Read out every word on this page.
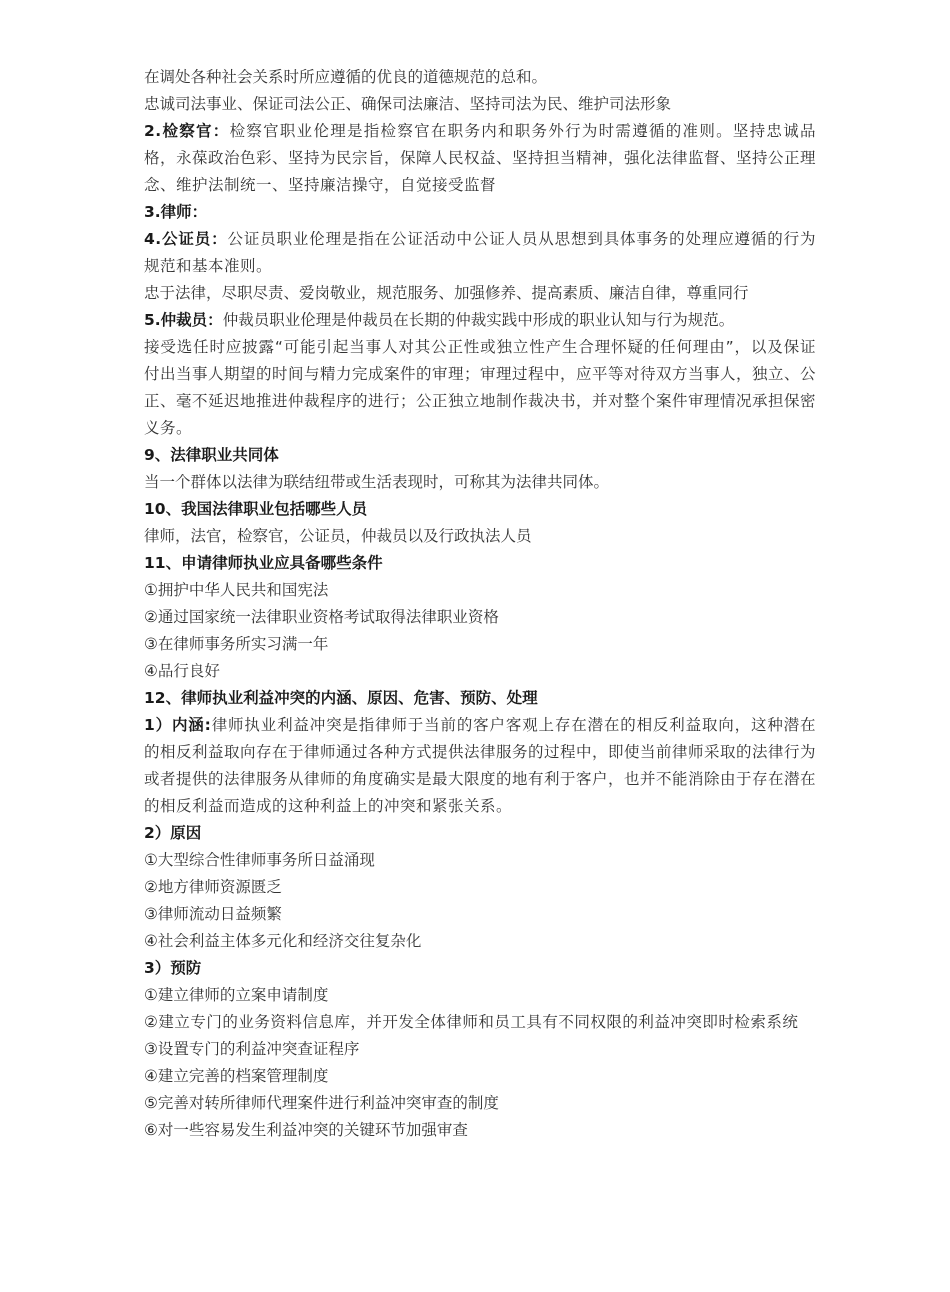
在调处各种社会关系时所应遵循的优良的道德规范的总和。

忠诚司法事业、保证司法公正、确保司法廉洁、坚持司法为民、维护司法形象

2.检察官：检察官职业伦理是指检察官在职务内和职务外行为时需遵循的准则。坚持忠诚品格，永葆政治色彩、坚持为民宗旨，保障人民权益、坚持担当精神，强化法律监督、坚持公正理念、维护法制统一、坚持廉洁操守，自觉接受监督

3.律师：

4.公证员：公证员职业伦理是指在公证活动中公证人员从思想到具体事务的处理应遵循的行为规范和基本准则。

忠于法律，尽职尽责、爱岗敬业，规范服务、加强修养、提高素质、廉洁自律，尊重同行

5.仲裁员：仲裁员职业伦理是仲裁员在长期的仲裁实践中形成的职业认知与行为规范。

接受选任时应披露“可能引起当事人对其公正性或独立性产生合理怀疑的任何理由”，以及保证付出当事人期望的时间与精力完成案件的审理；审理过程中，应平等对待双方当事人，独立、公正、毫不延迟地推进仲裁程序的进行；公正独立地制作裁决书，并对整个案件审理情况承担保密义务。

9、法律职业共同体

当一个群体以法律为联结纽带或生活表现时，可称其为法律共同体。

10、我国法律职业包括哪些人员

律师，法官，检察官，公证员，仲裁员以及行政执法人员

11、申请律师执业应具备哪些条件

①拥护中华人民共和国宪法

②通过国家统一法律职业资格考试取得法律职业资格

③在律师事务所实习满一年

④品行良好

12、律师执业利益冲突的内涵、原因、危害、预防、处理

1）内涵:律师执业利益冲突是指律师于当前的客户客观上存在潜在的相反利益取向，这种潜在的相反利益取向存在于律师通过各种方式提供法律服务的过程中，即使当前律师采取的法律行为或者提供的法律服务从律师的角度确实是最大限度的地有利于客户，也并不能消除由于存在潜在的相反利益而造成的这种利益上的冲突和紧张关系。

2）原因

①大型综合性律师事务所日益涌现

②地方律师资源匮乏

③律师流动日益频繁

④社会利益主体多元化和经济交往复杂化

3）预防

①建立律师的立案申请制度

②建立专门的业务资料信息库，并开发全体律师和员工具有不同权限的利益冲突即时检索系统

③设置专门的利益冲突查证程序

④建立完善的档案管理制度

⑤完善对转所律师代理案件进行利益冲突审查的制度

⑥对一些容易发生利益冲突的关键环节加强审查
